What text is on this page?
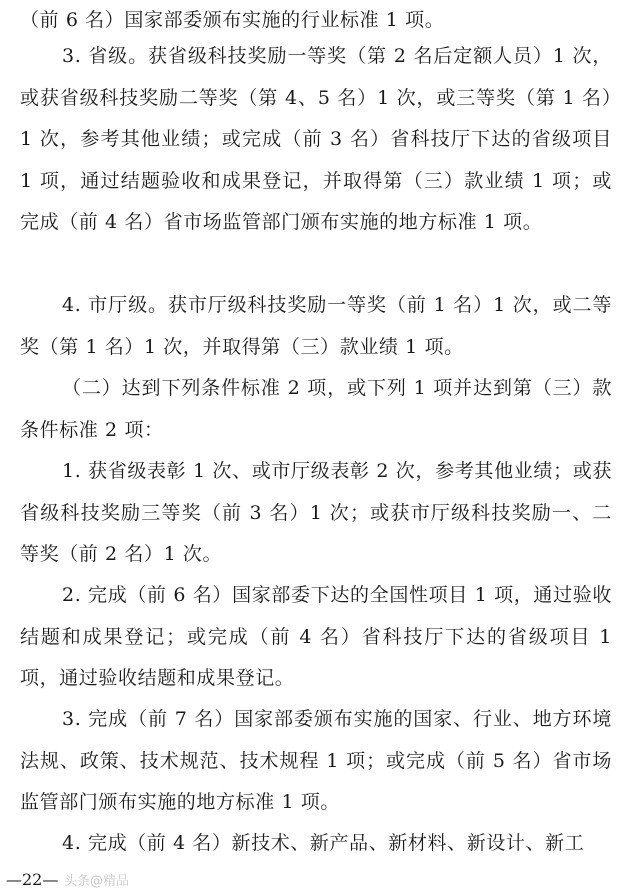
（前 6 名）国家部委颁布实施的行业标准 1 项。

3. 省级。获省级科技奖励一等奖（第 2 名后定额人员）1 次，或获省级科技奖励二等奖（第 4、5 名）1 次，或三等奖（第 1 名）1 次，参考其他业绩；或完成（前 3 名）省科技厅下达的省级项目 1 项，通过结题验收和成果登记，并取得第（三）款业绩 1 项；或完成（前 4 名）省市场监管部门颁布实施的地方标准 1 项。

4. 市厅级。获市厅级科技奖励一等奖（前 1 名）1 次，或二等奖（第 1 名）1 次，并取得第（三）款业绩 1 项。

（二）达到下列条件标准 2 项，或下列 1 项并达到第（三）款条件标准 2 项：

1. 获省级表彰 1 次、或市厅级表彰 2 次，参考其他业绩；或获省级科技奖励三等奖（前 3 名）1 次；或获市厅级科技奖励一、二等奖（前 2 名）1 次。

2. 完成（前 6 名）国家部委下达的全国性项目 1 项，通过验收结题和成果登记；或完成（前 4 名）省科技厅下达的省级项目 1 项，通过验收结题和成果登记。

3. 完成（前 7 名）国家部委颁布实施的国家、行业、地方环境法规、政策、技术规范、技术规程 1 项；或完成（前 5 名）省市场监管部门颁布实施的地方标准 1 项。

4. 完成（前 4 名）新技术、新产品、新材料、新设计、新工

—22— 头条@精品
